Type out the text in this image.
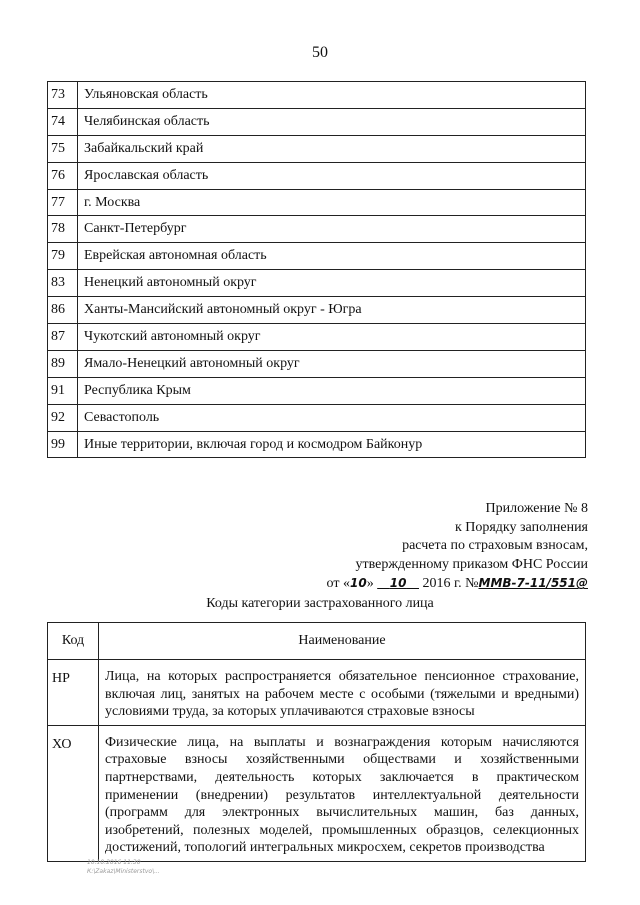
50
73	Ульяновская область
74	Челябинская область
75	Забайкальский край
76	Ярославская область
77	г. Москва
78	Санкт-Петербург
79	Еврейская автономная область
83	Ненецкий автономный округ
86	Ханты-Мансийский автономный округ - Югра
87	Чукотский автономный округ
89	Ямало-Ненецкий автономный округ
91	Республика Крым
92	Севастополь
99	Иные территории, включая город и космодром Байконур
Приложение № 8
к Порядку заполнения
расчета по страховым взносам,
утвержденному приказом ФНС России
от «10» 10 2016 г. №ММВ-7-11/551@
Коды категории застрахованного лица
Код	Наименование
НР	Лица, на которых распространяется обязательное пенсионное страхование, включая лиц, занятых на рабочем месте с особыми (тяжелыми и вредными) условиями труда, за которых уплачиваются страховые взносы
ХО	Физические лица, на выплаты и вознаграждения которым начисляются страховые взносы хозяйственными обществами и хозяйственными партнерствами, деятельность которых заключается в практическом применении (внедрении) результатов интеллектуальной деятельности (программ для электронных вычислительных машин, баз данных, изобретений, полезных моделей, промышленных образцов, селекционных достижений, топологий интегральных микросхем, секретов производства
10.10.2016 11:30
К:\Zakaz\Ministerstvo\...
